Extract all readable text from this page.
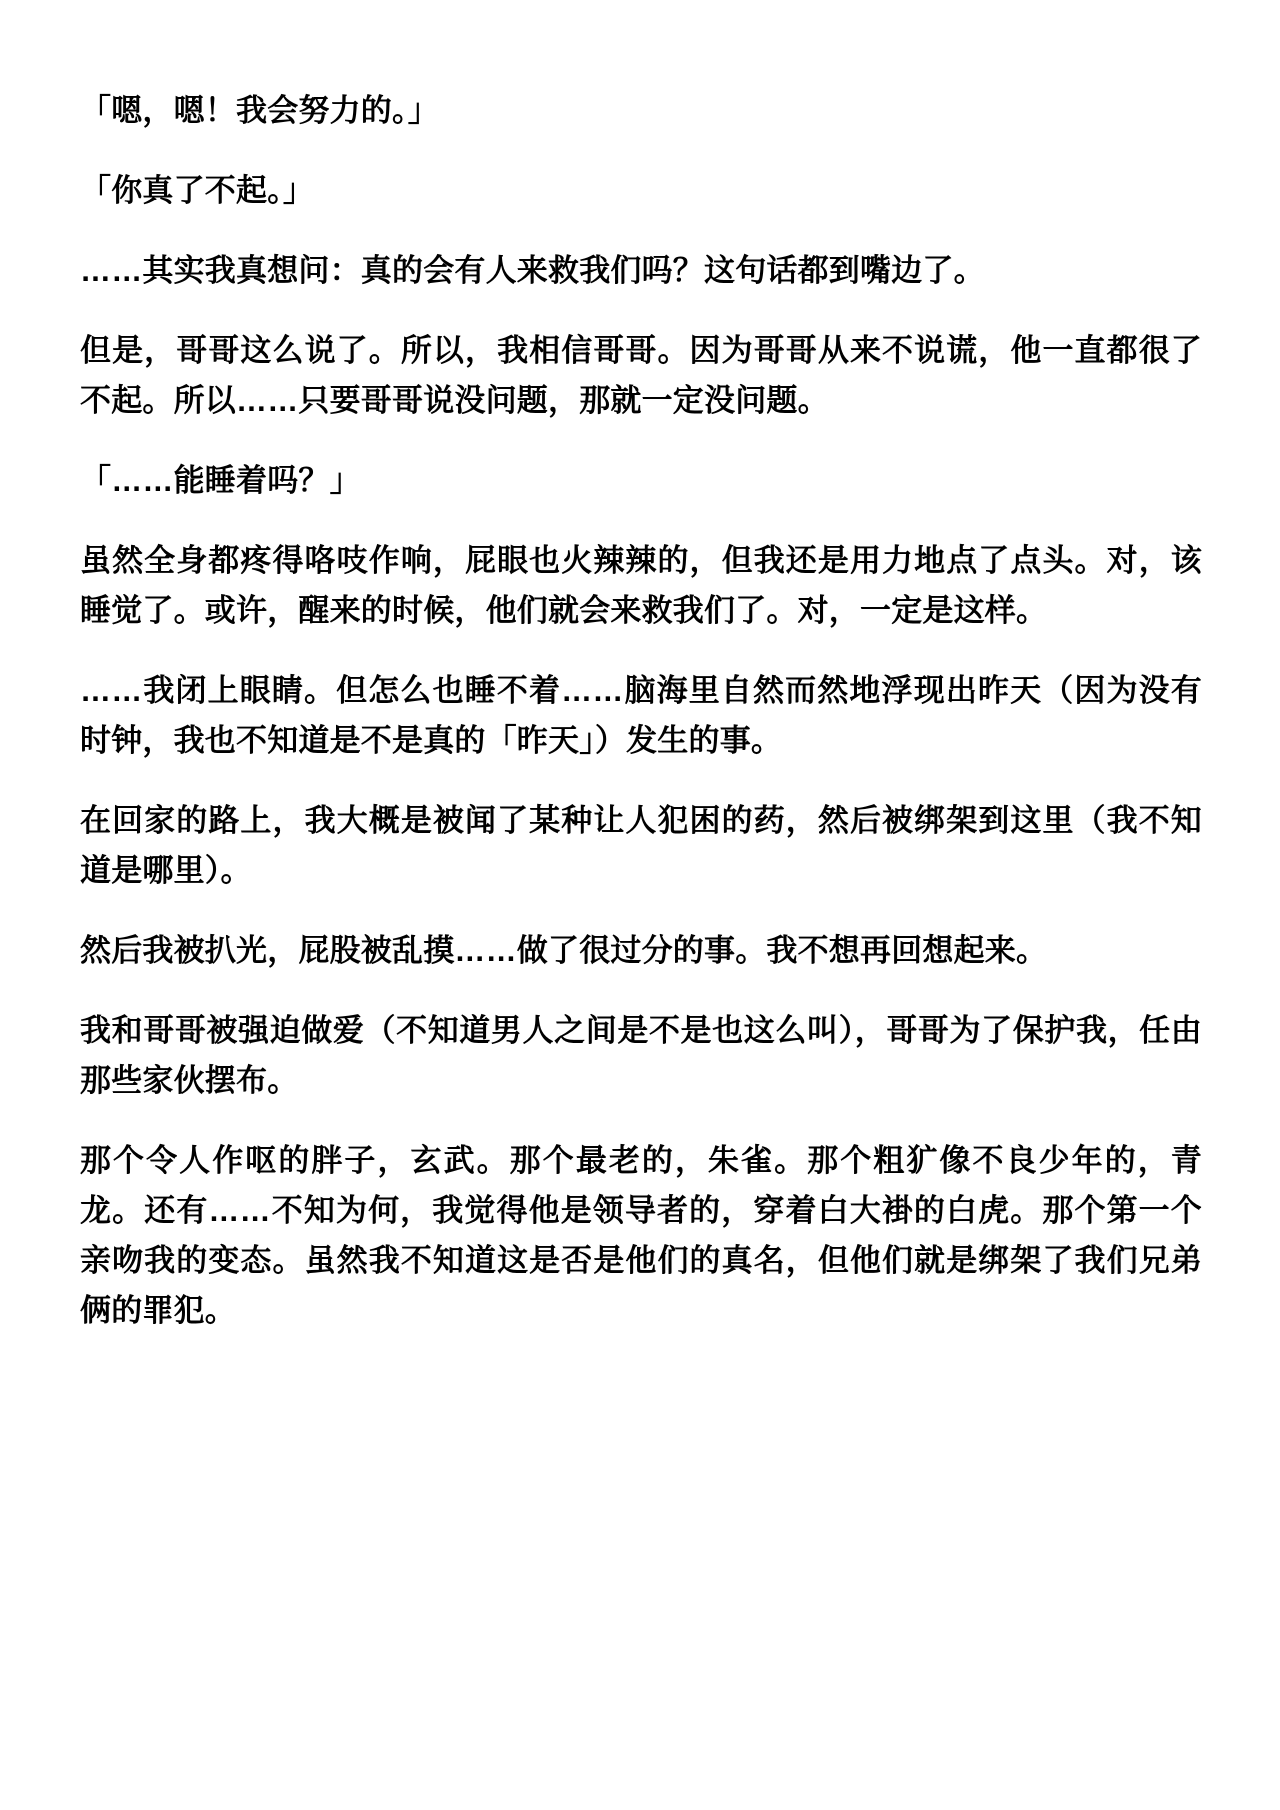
「嗯，嗯！我会努力的。」

「你真了不起。」

……其实我真想问：真的会有人来救我们吗？这句话都到嘴边了。

但是，哥哥这么说了。所以，我相信哥哥。因为哥哥从来不说谎，他一直都很了不起。所以……只要哥哥说没问题，那就一定没问题。

「……能睡着吗？」

虽然全身都疼得咯吱作响，屁眼也火辣辣的，但我还是用力地点了点头。对，该睡觉了。或许，醒来的时候，他们就会来救我们了。对，一定是这样。

……我闭上眼睛。但怎么也睡不着……脑海里自然而然地浮现出昨天（因为没有时钟，我也不知道是不是真的「昨天」）发生的事。

在回家的路上，我大概是被闻了某种让人犯困的药，然后被绑架到这里（我不知道是哪里）。

然后我被扒光，屁股被乱摸……做了很过分的事。我不想再回想起来。

我和哥哥被强迫做爱（不知道男人之间是不是也这么叫），哥哥为了保护我，任由那些家伙摆布。

那个令人作呕的胖子，玄武。那个最老的，朱雀。那个粗犷像不良少年的，青龙。还有……不知为何，我觉得他是领导者的，穿着白大褂的白虎。那个第一个亲吻我的变态。虽然我不知道这是否是他们的真名，但他们就是绑架了我们兄弟俩的罪犯。
